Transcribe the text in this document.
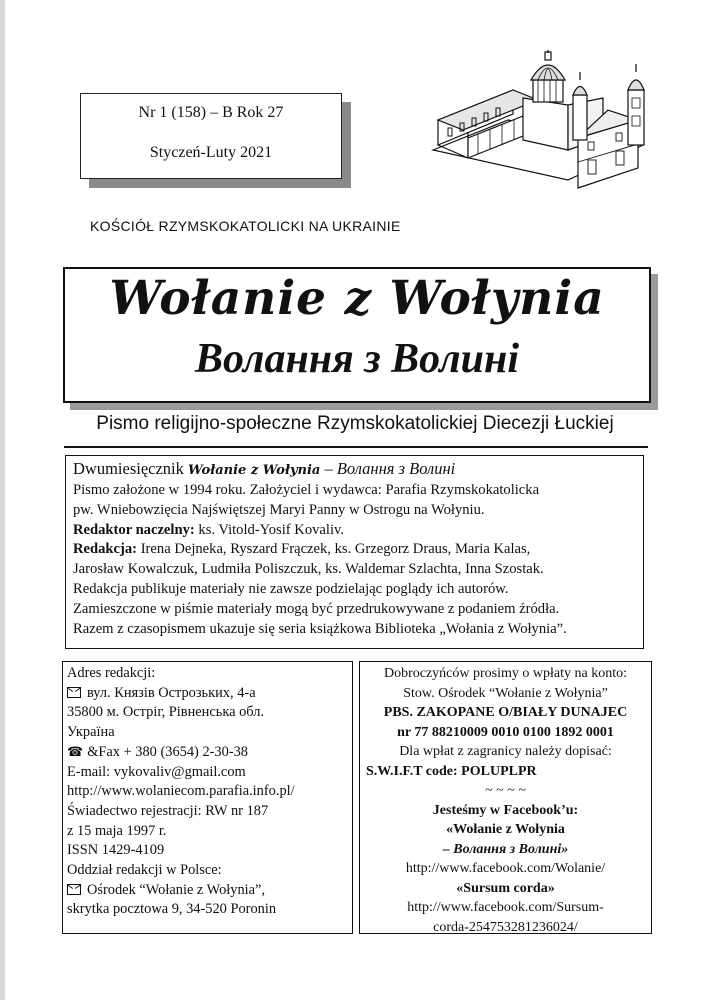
Nr 1 (158) – B Rok 27
Styczeń-Luty 2021
KOŚCIÓŁ RZYMSKOKATOLICKI NA UKRAINIE
Wołanie z Wołynia
Волання з Волині
Pismo religijno-społeczne Rzymskokatolickiej Diecezji Łuckiej
Dwumiesięcznik Wołanie z Wołynia – Волання з Волині
Pismo założone w 1994 roku. Założyciel i wydawca: Parafia Rzymskokatolicka
pw. Wniebowzięcia Najświętszej Maryi Panny w Ostrogu na Wołyniu.
Redaktor naczelny: ks. Vitold-Yosif Kovaliv.
Redakcja: Irena Dejneka, Ryszard Frączek, ks. Grzegorz Draus, Maria Kalas,
Jarosław Kowalczuk, Ludmiła Poliszczuk, ks. Waldemar Szlachta, Inna Szostak.
Redakcja publikuje materiały nie zawsze podzielając poglądy ich autorów.
Zamieszczone w piśmie materiały mogą być przedrukowywane z podaniem źródła.
Razem z czasopismem ukazuje się seria książkowa Biblioteka „Wołania z Wołynia”.
Adres redakcji:
вул. Князів Острозьких, 4-а
35800 м. Острiг, Рiвненська обл.
Україна
☎ &Fax + 380 (3654) 2-30-38
E-mail: vykovaliv@gmail.com
http://www.wolaniecom.parafia.info.pl/
Świadectwo rejestracji: RW nr 187
z 15 maja 1997 r.
ISSN 1429-4109
Oddział redakcji w Polsce:
Ośrodek “Wołanie z Wołynia”,
skrytka pocztowa 9, 34-520 Poronin
Dobroczyńców prosimy o wpłaty na konto:
Stow. Ośrodek “Wołanie z Wołynia”
PBS. ZAKOPANE O/BIAŁY DUNAJEC
nr 77 88210009 0010 0100 1892 0001
Dla wpłat z zagranicy należy dopisać:
S.W.I.F.T code: POLUPLPR
~ ~ ~ ~
Jesteśmy w Facebook’u:
«Wołanie z Wołynia
– Волання з Волині»
http://www.facebook.com/Wolanie/
«Sursum corda»
http://www.facebook.com/Sursum-
corda-254753281236024/
